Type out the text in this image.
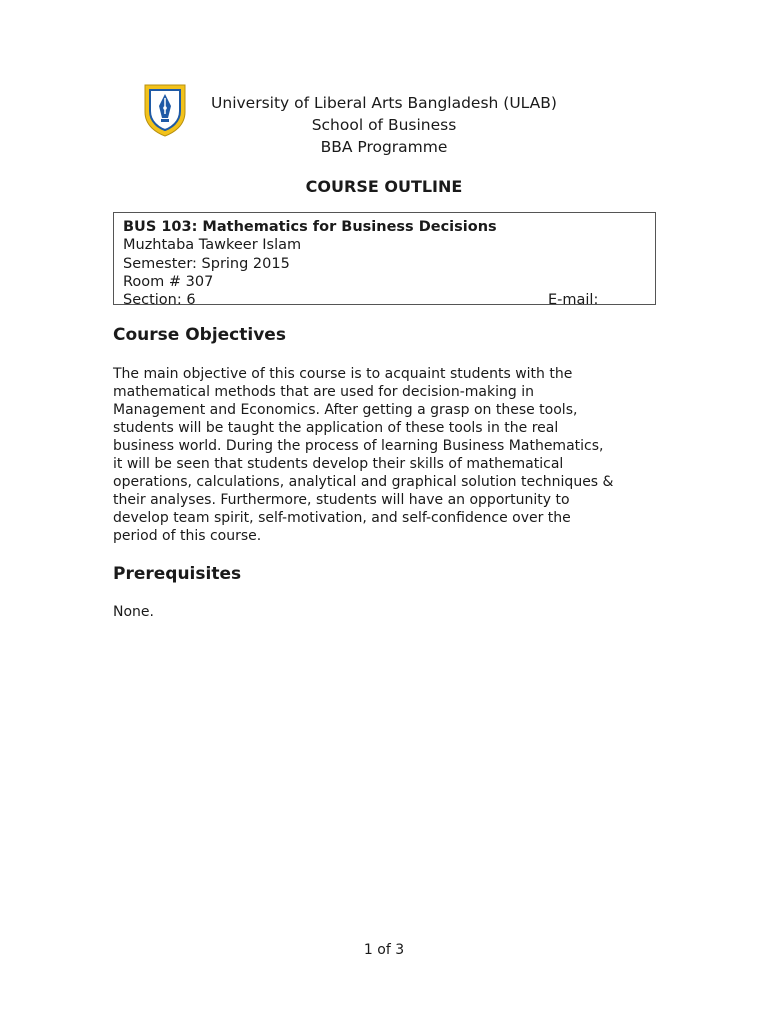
University of Liberal Arts Bangladesh (ULAB)
School of Business
BBA Programme
COURSE OUTLINE
BUS 103: Mathematics for Business Decisions
Muzhtaba Tawkeer Islam
Semester: Spring 2015
Room # 307
Section: 6	E-mail:
Course Objectives
The main objective of this course is to acquaint students with the
mathematical methods that are used for decision-making in
Management and Economics. After getting a grasp on these tools,
students will be taught the application of these tools in the real
business world. During the process of learning Business Mathematics,
it will be seen that students develop their skills of mathematical
operations, calculations, analytical and graphical solution techniques &
their analyses. Furthermore, students will have an opportunity to
develop team spirit, self-motivation, and self-confidence over the
period of this course.
Prerequisites
None.
1 of 3
